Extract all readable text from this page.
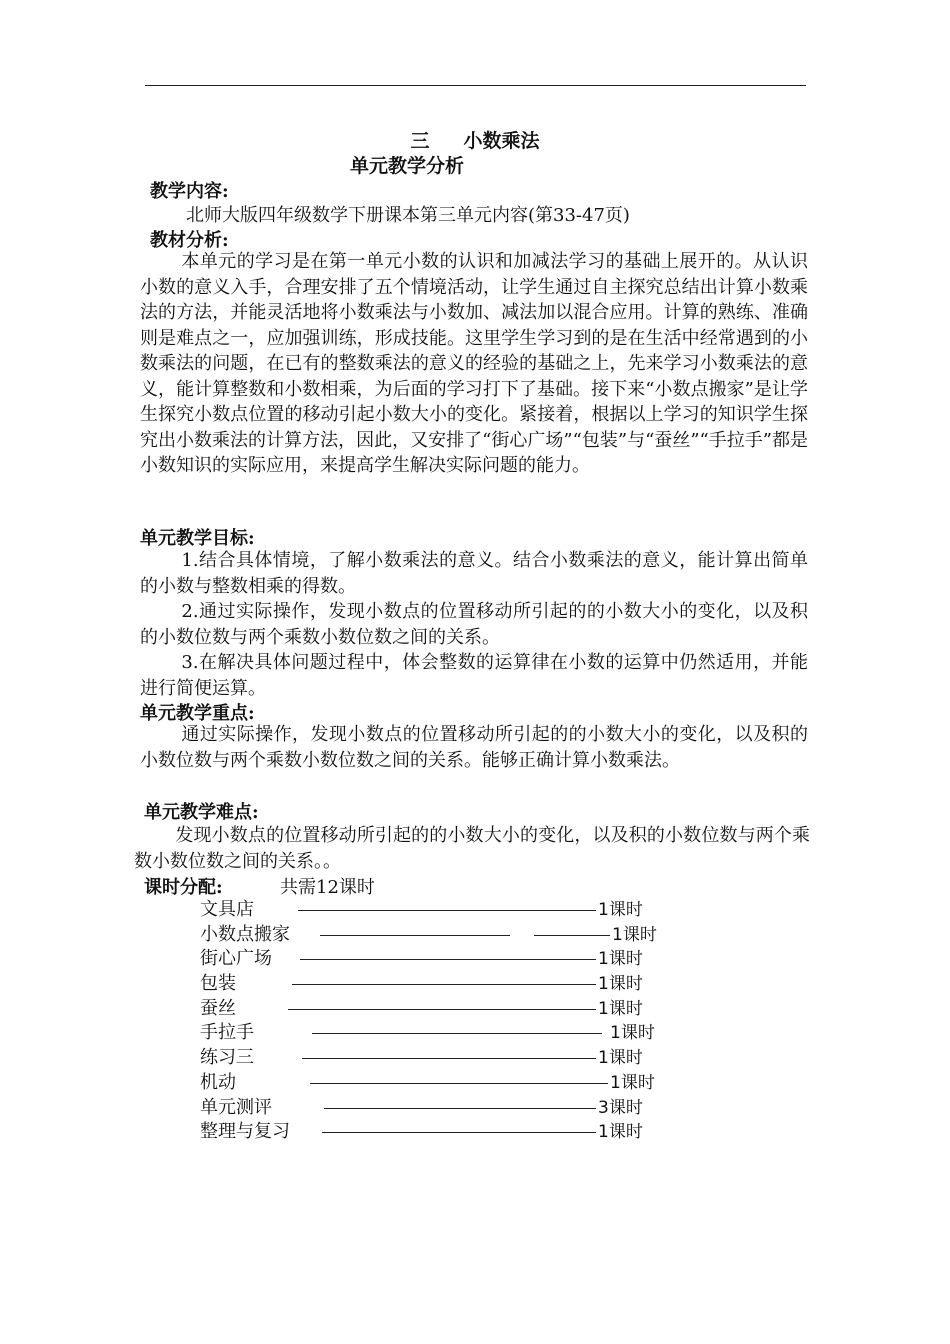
三 小数乘法
单元教学分析
教学内容:
北师大版四年级数学下册课本第三单元内容(第33-47页)
教材分析:

本单元的学习是在第一单元小数的认识和加减法学习的基础上展开的。从认识小数的意义入手，合理安排了五个情境活动，让学生通过自主探究总结出计算小数乘法的方法，并能灵活地将小数乘法与小数加、减法加以混合应用。计算的熟练、准确则是难点之一，应加强训练，形成技能。这里学生学习到的是在生活中经常遇到的小数乘法的问题，在已有的整数乘法的意义的经验的基础之上，先来学习小数乘法的意义，能计算整数和小数相乘，为后面的学习打下了基础。接下来“小数点搬家”是让学生探究小数点位置的移动引起小数大小的变化。紧接着，根据以上学习的知识学生探究出小数乘法的计算方法，因此，又安排了“街心广场”“包装”与“蚕丝”“手拉手”都是小数知识的实际应用，来提高学生解决实际问题的能力。

单元教学目标:

1.结合具体情境，了解小数乘法的意义。结合小数乘法的意义，能计算出简单的小数与整数相乘的得数。

2.通过实际操作，发现小数点的位置移动所引起的的小数大小的变化，以及积的小数位数与两个乘数小数位数之间的关系。

3.在解决具体问题过程中，体会整数的运算律在小数的运算中仍然适用，并能进行简便运算。

单元教学重点:

通过实际操作，发现小数点的位置移动所引起的的小数大小的变化，以及积的小数位数与两个乘数小数位数之间的关系。能够正确计算小数乘法。

单元教学难点:

发现小数点的位置移动所引起的的小数大小的变化，以及积的小数位数与两个乘数小数位数之间的关系。。

课时分配:	共需12课时
文具店	1课时
小数点搬家	1课时
街心广场	1课时
包装	1课时
蚕丝	1课时
手拉手	1课时
练习三	1课时
机动	1课时
单元测评	3课时
整理与复习	1课时
